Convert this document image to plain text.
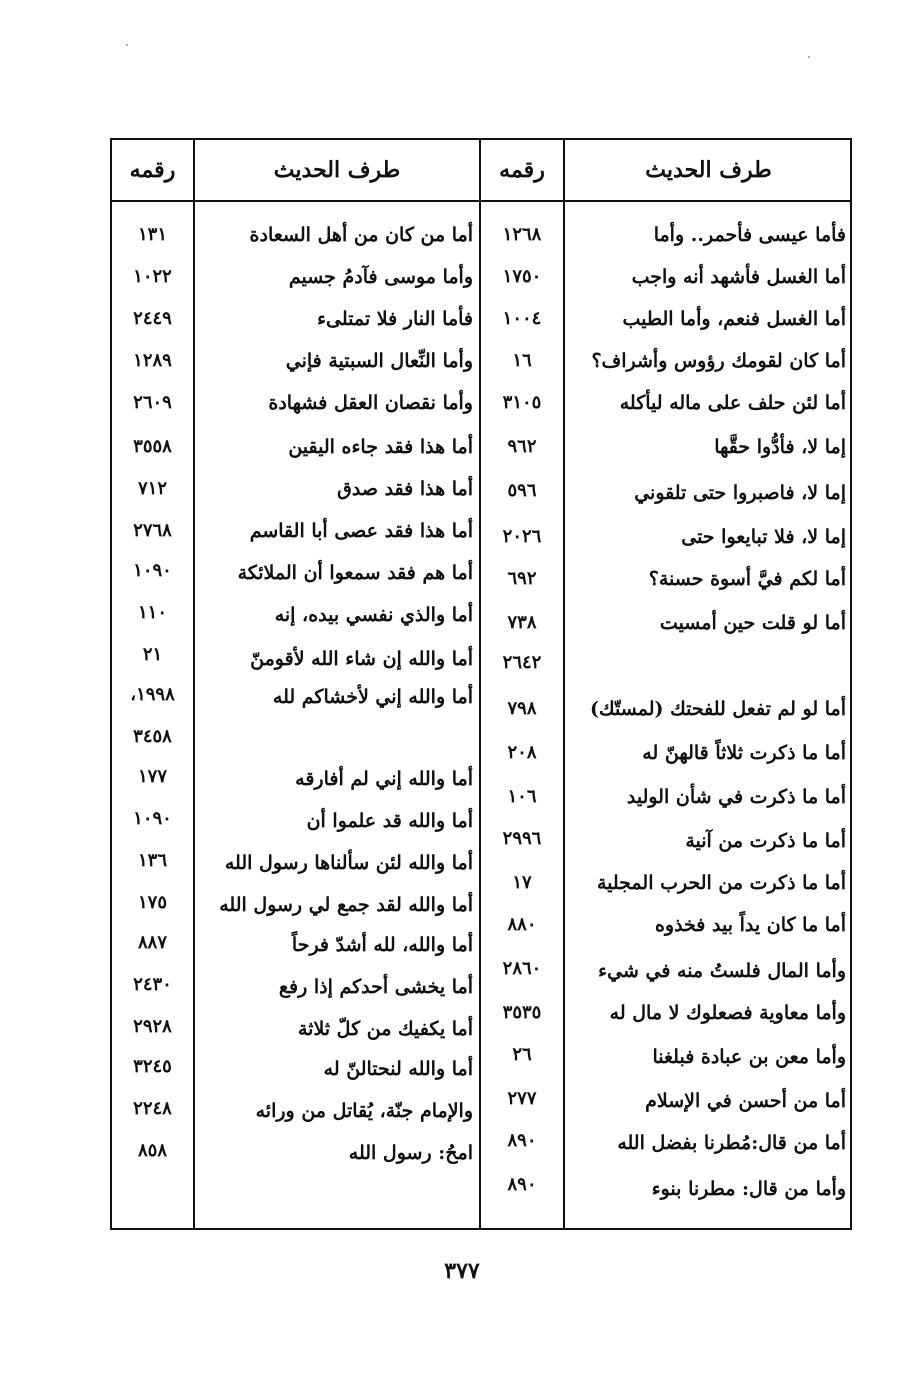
طرف الحديث
رقمه
طرف الحديث
رقمه
فأما عيسى فأحمر.. وأما
أما الغسل فأشهد أنه واجب
أما الغسل فنعم، وأما الطيب
أما كان لقومك رؤوس وأشراف؟
أما لئن حلف على ماله ليأكله
إما لا، فأدُّوا حقَّها
إما لا، فاصبروا حتى تلقوني
إما لا، فلا تبايعوا حتى
أما لكم فيَّ أسوة حسنة؟
أما لو قلت حين أمسيت
أما لو لم تفعل للفحتك (لمستّك)
أما ما ذكرت ثلاثاً قالهنّ له
أما ما ذكرت في شأن الوليد
أما ما ذكرت من آنية
أما ما ذكرت من الحرب المجلية
أما ما كان يداً بيد فخذوه
وأما المال فلستُ منه في شيء
وأما معاوية فصعلوك لا مال له
وأما معن بن عبادة فبلغنا
أما من أحسن في الإسلام
أما من قال:مُطرنا بفضل الله
وأما من قال: مطرنا بنوء
١٢٦٨
١٧٥٠
١٠٠٤
١٦
٣١٠٥
٩٦٢
٥٩٦
٢٠٢٦
٦٩٢
٧٣٨
٢٦٤٢
٧٩٨
٢٠٨
١٠٦
٢٩٩٦
١٧
٨٨٠
٢٨٦٠
٣٥٣٥
٢٦
٢٧٧
٨٩٠
٨٩٠
أما من كان من أهل السعادة
وأما موسى فآدمُ جسيم
فأما النار فلا تمتلىء
وأما النِّعال السبتية فإني
وأما نقصان العقل فشهادة
أما هذا فقد جاءه اليقين
أما هذا فقد صدق
أما هذا فقد عصى أبا القاسم
أما هم فقد سمعوا أن الملائكة
أما والذي نفسي بيده، إنه
أما والله إن شاء الله لأقومنّ
أما والله إني لأخشاكم لله
أما والله إني لم أفارقه
أما والله قد علموا أن
أما والله لئن سألناها رسول الله
أما والله لقد جمع لي رسول الله
أما والله، لله أشدّ فرحاً
أما يخشى أحدكم إذا رفع
أما يكفيك من كلّ ثلاثة
أما والله لنحتالنّ له
والإمام جنّة، يُقاتل من ورائه
امحُ: رسول الله
١٣١
١٠٢٢
٢٤٤٩
١٢٨٩
٢٦٠٩
٣٥٥٨
٧١٢
٢٧٦٨
١٠٩٠
١١٠
٢١
١٩٩٨،
٣٤٥٨
١٧٧
١٠٩٠
١٣٦
١٧٥
٨٨٧
٢٤٣٠
٢٩٢٨
٣٢٤٥
٢٢٤٨
٨٥٨
٣٧٧
